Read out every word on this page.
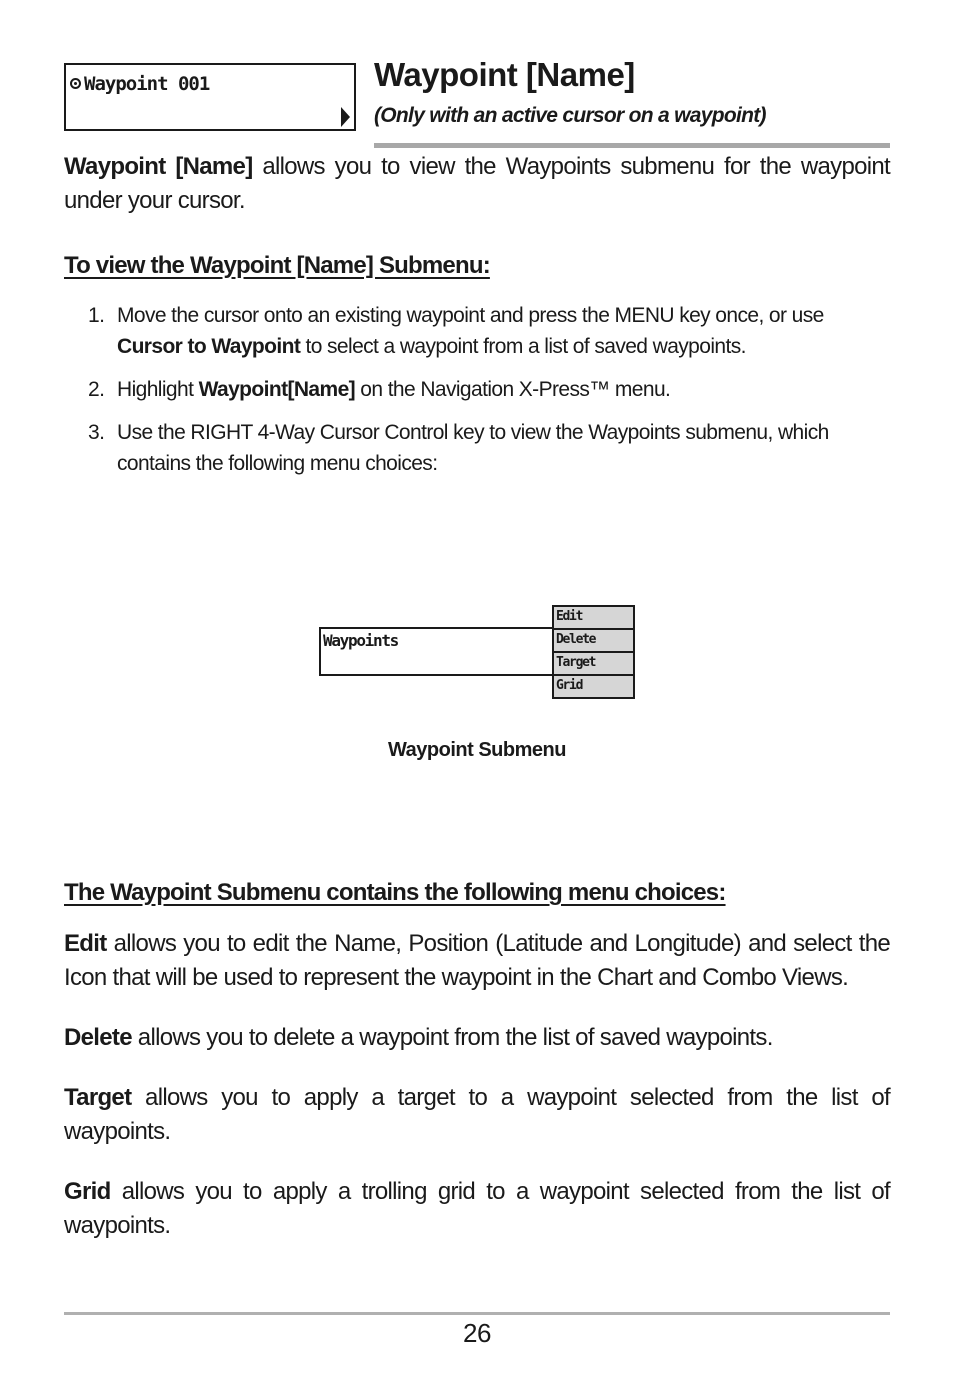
Waypoint 001	Waypoint [Name]

(Only with an active cursor on a waypoint)

Waypoint [Name] allows you to view the Waypoints submenu for the waypoint under your cursor.

To view the Waypoint [Name] Submenu:

1. Move the cursor onto an existing waypoint and press the MENU key once, or use Cursor to Waypoint to select a waypoint from a list of saved waypoints.
2. Highlight Waypoint[Name] on the Navigation X-Press™ menu.
3. Use the RIGHT 4-Way Cursor Control key to view the Waypoints submenu, which contains the following menu choices:
Waypoints
Edit
Delete
Target
Grid

Waypoint Submenu

The Waypoint Submenu contains the following menu choices:

Edit allows you to edit the Name, Position (Latitude and Longitude) and select the Icon that will be used to represent the waypoint in the Chart and Combo Views.

Delete allows you to delete a waypoint from the list of saved waypoints.

Target allows you to apply a target to a waypoint selected from the list of waypoints.

Grid allows you to apply a trolling grid to a waypoint selected from the list of waypoints.

26
